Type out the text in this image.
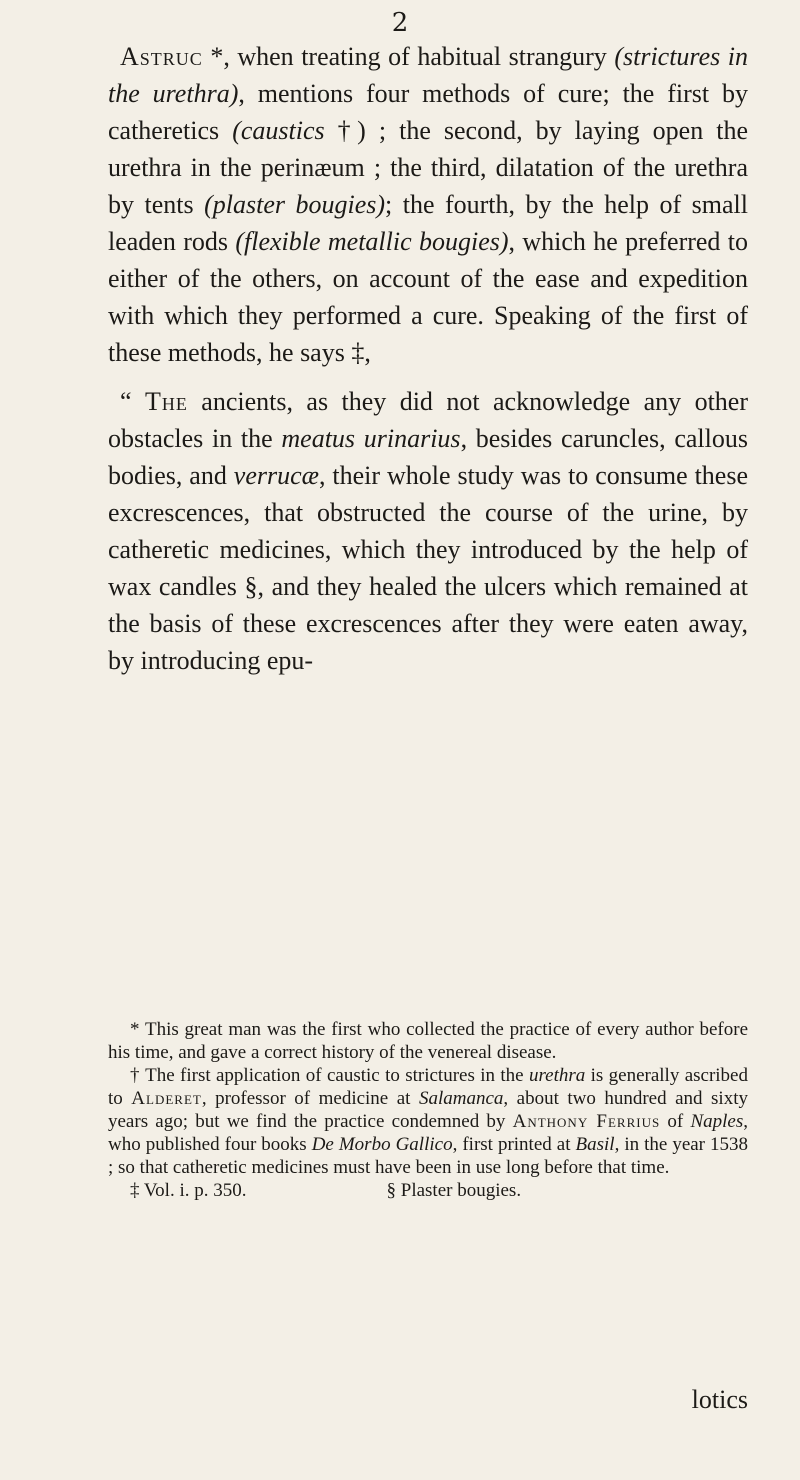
2

Astruc *, when treating of habitual strangury (strictures in the urethra), mentions four methods of cure; the first by catheretics (caustics †) ; the second, by laying open the urethra in the perinæum ; the third, dilatation of the urethra by tents (plaster bougies); the fourth, by the help of small leaden rods (flexible metallic bougies), which he preferred to either of the others, on account of the ease and expedition with which they performed a cure. Speaking of the first of these methods, he says ‡,

“ The ancients, as they did not acknowledge any other obstacles in the meatus urinarius, besides caruncles, callous bodies, and verrucæ, their whole study was to consume these excrescences, that obstructed the course of the urine, by catheretic medicines, which they introduced by the help of wax candles §, and they healed the ulcers which remained at the basis of these excrescences after they were eaten away, by introducing epu-

* This great man was the first who collected the practice of every author before his time, and gave a correct history of the venereal disease.

† The first application of caustic to strictures in the urethra is generally ascribed to Alderet, professor of medicine at Salamanca, about two hundred and sixty years ago; but we find the practice condemned by Anthony Ferrius of Naples, who published four books De Morbo Gallico, first printed at Basil, in the year 1538 ; so that catheretic medicines must have been in use long before that time.

‡ Vol. i. p. 350.	§ Plaster bougies.
lotics
